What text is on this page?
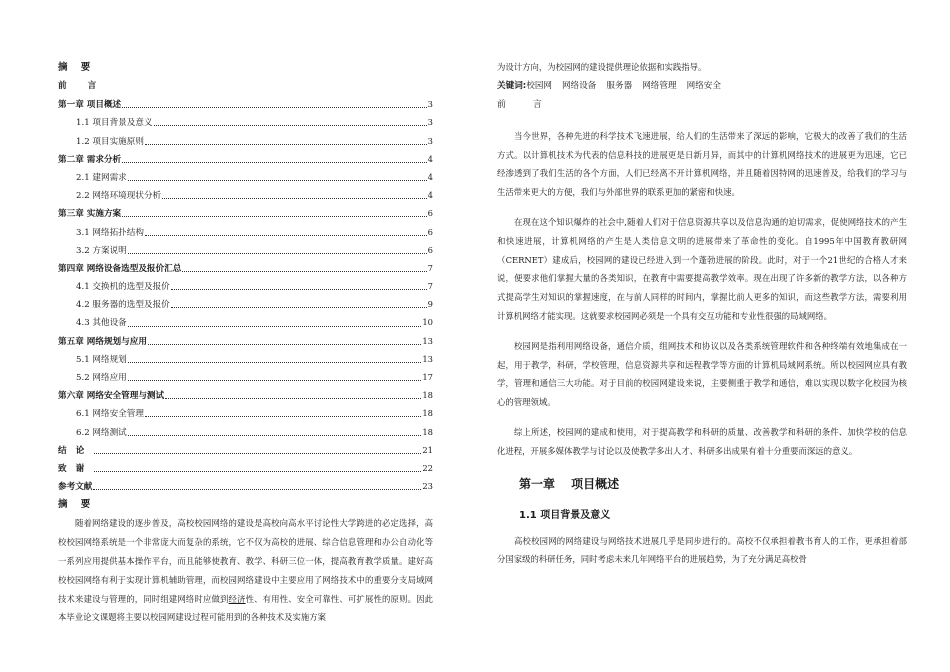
摘 要
前 言
第一章 项目概述	3
1.1 项目背景及意义	3
1.2 项目实施原则	3
第二章 需求分析	4
2.1 建网需求	4
2.2 网络环境现状分析	4
第三章 实施方案	6
3.1 网络拓扑结构	6
3.2 方案说明	6
第四章 网络设备选型及报价汇总	7
4.1 交换机的选型及报价	7
4.2 服务器的选型及报价	9
4.3 其他设备	10
第五章 网络规划与应用	13
5.1 网络规划	13
5.2 网络应用	17
第六章 网络安全管理与测试	18
6.1 网络安全管理	18
6.2 网络测试	18
结论	21
致谢	22
参考文献	23
摘 要

随着网络建设的逐步普及，高校校园网络的建设是高校向高水平讨论性大学跨进的必定选择，高校校园网络系统是一个非常庞大而复杂的系统，它不仅为高校的进展、综合信息管理和办公自动化等一系列应用提供基本操作平台，而且能够使教育、教学、科研三位一体，提高教育教学质量。建好高校校园网络有利于实现计算机辅助管理，而校园网络建设中主要应用了网络技术中的重要分支局域网技术来建设与管理的，同时组建网络时应做到经济性、有用性、安全可靠性、可扩展性的原则。因此本毕业论文课题将主要以校园网建设过程可能用到的各种技术及实施方案

为设计方向，为校园网的建设提供理论依据和实践指导。

关键词:校园网 网络设备 服务器 网络管理 网络安全
前 言

当今世界，各种先进的科学技术飞速进展，给人们的生活带来了深远的影响，它极大的改善了我们的生活方式。以计算机技术为代表的信息科技的进展更是日新月异，而其中的计算机网络技术的进展更为迅速，它已经渗透到了我们生活的各个方面，人们已经离不开计算机网络，并且随着因特网的迅速普及，给我们的学习与生活带来更大的方便，我们与外部世界的联系更加的紧密和快速。

在现在这个知识爆炸的社会中,随着人们对于信息资源共享以及信息沟通的迫切需求，促使网络技术的产生和快速进展，计算机网络的产生是人类信息文明的进展带来了革命性的变化。自1995年中国教育教研网（CERNET）建成后，校园网的建设已经进入到一个蓬勃进展的阶段。此时，对于一个21世纪的合格人才来说，便要求他们掌握大量的各类知识，在教育中需要提高教学效率。现在出现了许多新的教学方法，以各种方式提高学生对知识的掌握速度，在与前人同样的时间内，掌握比前人更多的知识，而这些教学方法，需要利用计算机网络才能实现。这就要求校园网必须是一个具有交互功能和专业性很强的局域网络。

校园网是指利用网络设备，通信介质，组网技术和协议以及各类系统管理软件和各种终端有效地集成在一起，用于教学，科研，学校管理，信息资源共享和远程教学等方面的计算机局域网系统。所以校园网应具有教学，管理和通信三大功能。对于目前的校园网建设来说，主要侧重于教学和通信，难以实现以数字化校园为核心的管理领域。

综上所述，校园网的建成和使用，对于提高教学和科研的质量、改善教学和科研的条件、加快学校的信息化进程，开展多媒体教学与讨论以及使教学多出人才、科研多出成果有着十分重要而深远的意义。

第一章　 项目概述
1.1 项目背景及意义

高校校园网的网络建设与网络技术进展几乎是同步进行的。高校不仅承担着教书育人的工作，更承担着部分国家级的科研任务，同时考虑未来几年网络平台的进展趋势，为了充分满足高校骨
